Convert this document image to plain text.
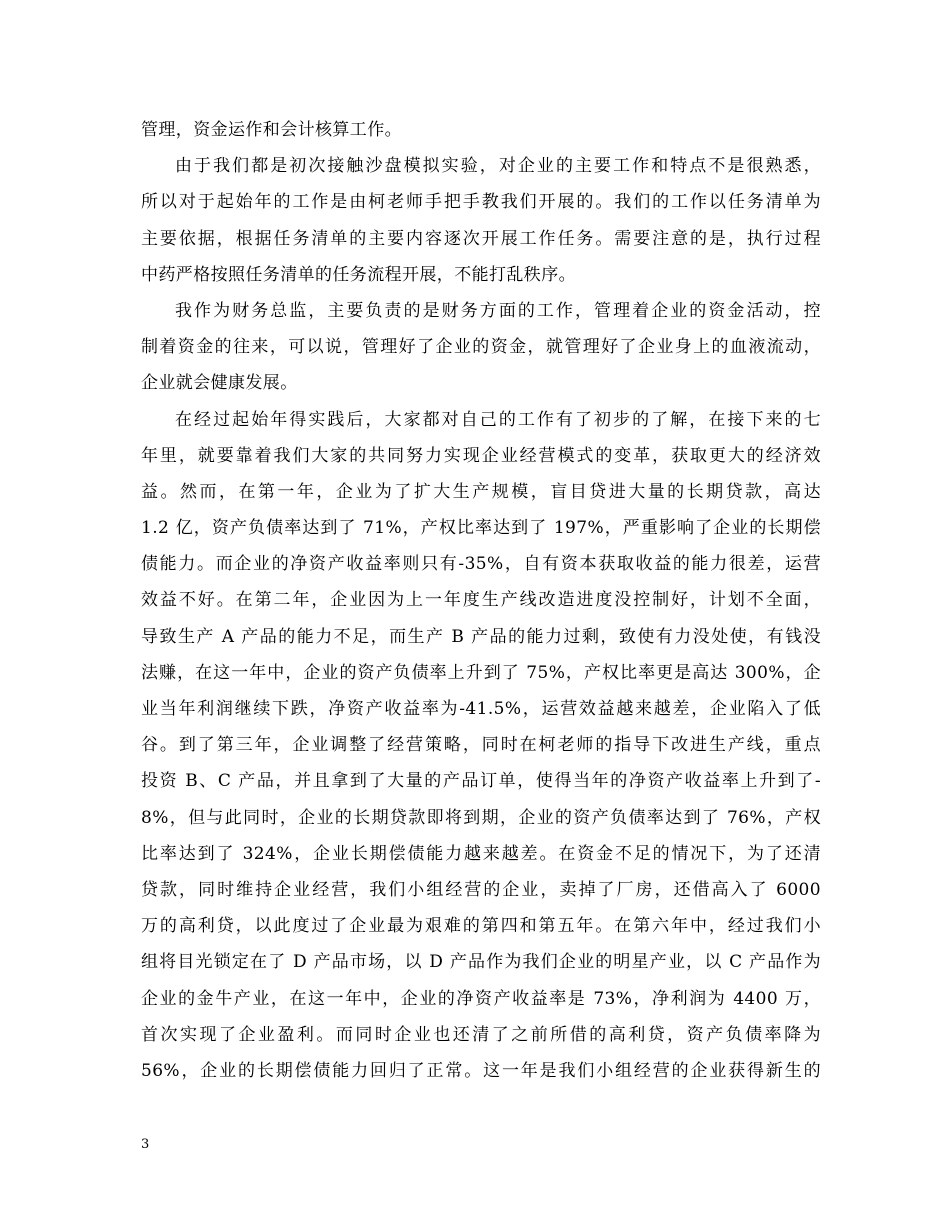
管理，资金运作和会计核算工作。
由于我们都是初次接触沙盘模拟实验，对企业的主要工作和特点不是很熟悉，
所以对于起始年的工作是由柯老师手把手教我们开展的。我们的工作以任务清单为
主要依据，根据任务清单的主要内容逐次开展工作任务。需要注意的是，执行过程
中药严格按照任务清单的任务流程开展，不能打乱秩序。
我作为财务总监，主要负责的是财务方面的工作，管理着企业的资金活动，控
制着资金的往来，可以说，管理好了企业的资金，就管理好了企业身上的血液流动，
企业就会健康发展。
在经过起始年得实践后，大家都对自己的工作有了初步的了解，在接下来的七
年里，就要靠着我们大家的共同努力实现企业经营模式的变革，获取更大的经济效
益。然而，在第一年，企业为了扩大生产规模，盲目贷进大量的长期贷款，高达
1.2 亿，资产负债率达到了 71%，产权比率达到了 197%，严重影响了企业的长期偿
债能力。而企业的净资产收益率则只有-35%，自有资本获取收益的能力很差，运营
效益不好。在第二年，企业因为上一年度生产线改造进度没控制好，计划不全面，
导致生产 A 产品的能力不足，而生产 B 产品的能力过剩，致使有力没处使，有钱没
法赚，在这一年中，企业的资产负债率上升到了 75%，产权比率更是高达 300%，企
业当年利润继续下跌，净资产收益率为-41.5%，运营效益越来越差，企业陷入了低
谷。到了第三年，企业调整了经营策略，同时在柯老师的指导下改进生产线，重点
投资 B、C 产品，并且拿到了大量的产品订单，使得当年的净资产收益率上升到了-
8%，但与此同时，企业的长期贷款即将到期，企业的资产负债率达到了 76%，产权
比率达到了 324%，企业长期偿债能力越来越差。在资金不足的情况下，为了还清
贷款，同时维持企业经营，我们小组经营的企业，卖掉了厂房，还借高入了 6000
万的高利贷，以此度过了企业最为艰难的第四和第五年。在第六年中，经过我们小
组将目光锁定在了 D 产品市场，以 D 产品作为我们企业的明星产业，以 C 产品作为
企业的金牛产业，在这一年中，企业的净资产收益率是 73%，净利润为 4400 万，
首次实现了企业盈利。而同时企业也还清了之前所借的高利贷，资产负债率降为
56%，企业的长期偿债能力回归了正常。这一年是我们小组经营的企业获得新生的
3
